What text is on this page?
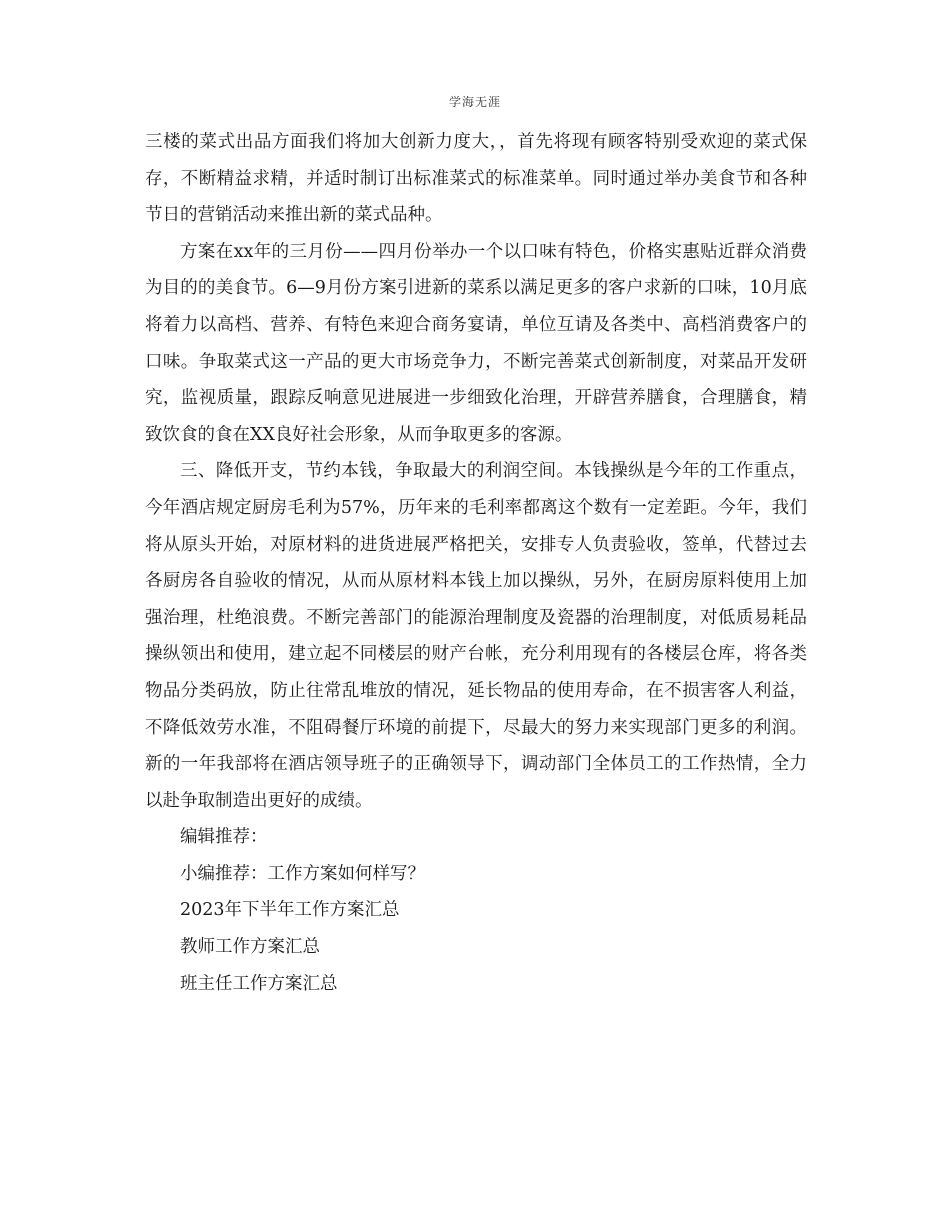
学海无涯

三楼的菜式出品方面我们将加大创新力度大，，首先将现有顾客特别受欢迎的菜式保存，不断精益求精，并适时制订出标准菜式的标准菜单。同时通过举办美食节和各种节日的营销活动来推出新的菜式品种。

方案在xx年的三月份——四月份举办一个以口味有特色，价格实惠贴近群众消费为目的的美食节。6—9月份方案引进新的菜系以满足更多的客户求新的口味，10月底将着力以高档、营养、有特色来迎合商务宴请，单位互请及各类中、高档消费客户的口味。争取菜式这一产品的更大市场竞争力，不断完善菜式创新制度，对菜品开发研究，监视质量，跟踪反响意见进展进一步细致化治理，开辟营养膳食，合理膳食，精致饮食的食在XX良好社会形象，从而争取更多的客源。

三、降低开支，节约本钱，争取最大的利润空间。本钱操纵是今年的工作重点，今年酒店规定厨房毛利为57%，历年来的毛利率都离这个数有一定差距。今年，我们将从原头开始，对原材料的进货进展严格把关，安排专人负责验收，签单，代替过去各厨房各自验收的情况，从而从原材料本钱上加以操纵，另外，在厨房原料使用上加强治理，杜绝浪费。不断完善部门的能源治理制度及瓷器的治理制度，对低质易耗品操纵领出和使用，建立起不同楼层的财产台帐，充分利用现有的各楼层仓库，将各类物品分类码放，防止往常乱堆放的情况，延长物品的使用寿命，在不损害客人利益，不降低效劳水准，不阻碍餐厅环境的前提下，尽最大的努力来实现部门更多的利润。新的一年我部将在酒店领导班子的正确领导下，调动部门全体员工的工作热情，全力以赴争取制造出更好的成绩。

编辑推荐：

小编推荐：工作方案如何样写？

2023年下半年工作方案汇总

教师工作方案汇总

班主任工作方案汇总
